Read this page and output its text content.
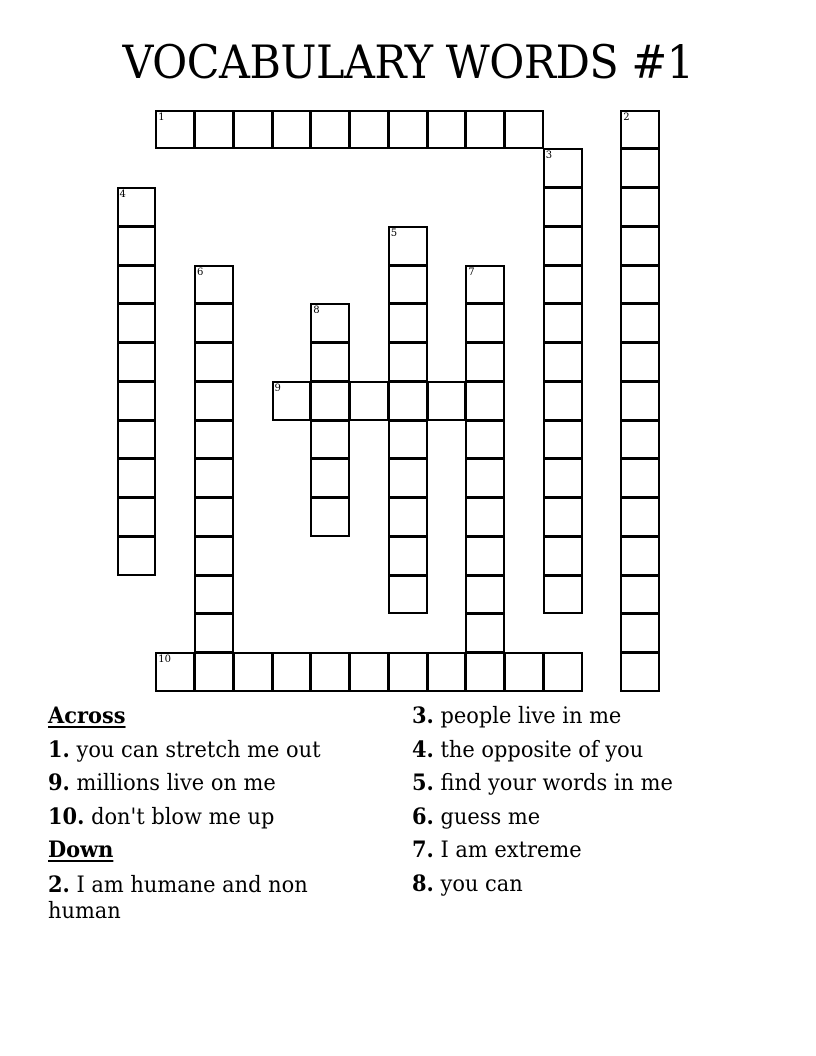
VOCABULARY WORDS #1
1	2
3
4
5
6	7
8
9
10
Across
1. you can stretch me out
9. millions live on me
10. don't blow me up
Down
2. I am humane and non human
3. people live in me
4. the opposite of you
5. find your words in me
6. guess me
7. I am extreme
8. you can
